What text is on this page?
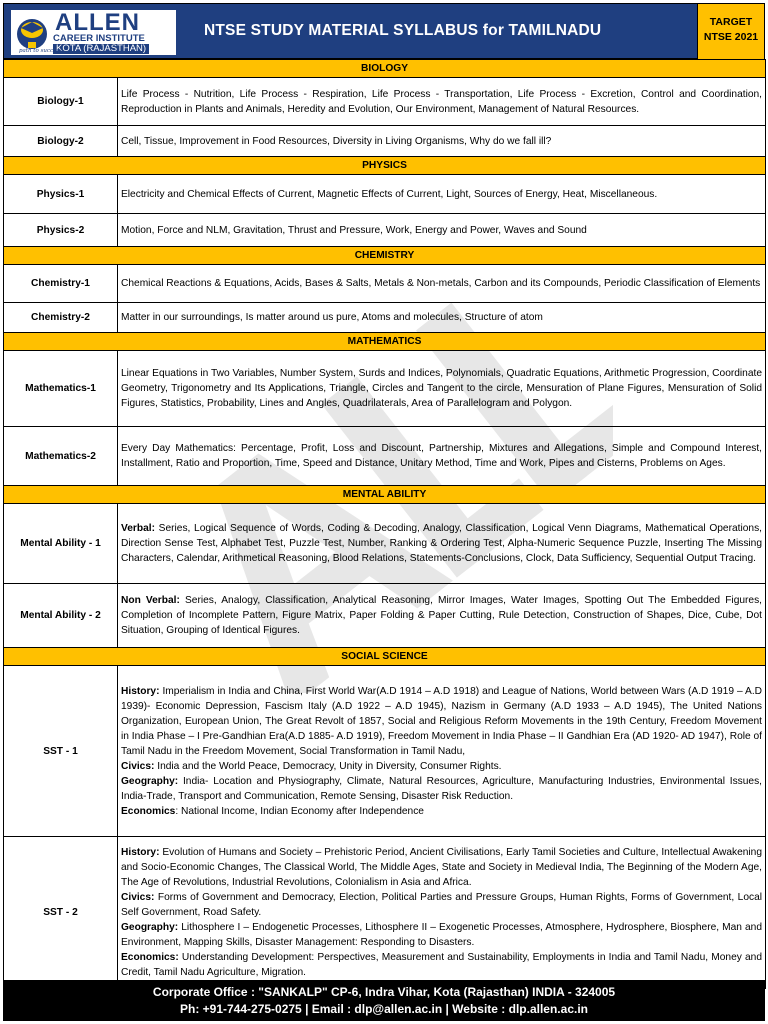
ALLEN
CAREER INSTITUTE
KOTA (RAJASTHAN)
path to success
NTSE STUDY MATERIAL SYLLABUS for TAMILNADU	TARGET
NTSE 2021
BIOLOGY	
Biology-1	Life Process - Nutrition, Life Process - Respiration, Life Process - Transportation, Life Process - Excretion, Control and Coordination, Reproduction in Plants and Animals, Heredity and Evolution, Our Environment, Management of Natural Resources.

Biology-2	Cell, Tissue, Improvement in Food Resources, Diversity in Living Organisms, Why do we fall ill?

PHYSICS	
Physics-1	Electricity and Chemical Effects of Current, Magnetic Effects of Current, Light, Sources of Energy, Heat, Miscellaneous.

Physics-2	Motion, Force and NLM, Gravitation, Thrust and Pressure, Work, Energy and Power, Waves and Sound

CHEMISTRY	
Chemistry-1	Chemical Reactions & Equations, Acids, Bases & Salts, Metals & Non-metals, Carbon and its Compounds, Periodic Classification of Elements

Chemistry-2	Matter in our surroundings, Is matter around us pure, Atoms and molecules, Structure of atom

MATHEMATICS	
Mathematics-1	Linear Equations in Two Variables, Number System, Surds and Indices, Polynomials, Quadratic Equations, Arithmetic Progression, Coordinate Geometry, Trigonometry and Its Applications, Triangle, Circles and Tangent to the circle, Mensuration of Plane Figures, Mensuration of Solid Figures, Statistics, Probability, Lines and Angles, Quadrilaterals, Area of Parallelogram and Polygon.

Mathematics-2	Every Day Mathematics: Percentage, Profit, Loss and Discount, Partnership, Mixtures and Allegations, Simple and Compound Interest, Installment, Ratio and Proportion, Time, Speed and Distance, Unitary Method, Time and Work, Pipes and Cisterns, Problems on Ages.

MENTAL ABILITY	
Mental Ability - 1	Verbal: Series, Logical Sequence of Words, Coding & Decoding, Analogy, Classification, Logical Venn Diagrams, Mathematical Operations, Direction Sense Test, Alphabet Test, Puzzle Test, Number, Ranking & Ordering Test, Alpha-Numeric Sequence Puzzle, Inserting The Missing Characters, Calendar, Arithmetical Reasoning, Blood Relations, Statements-Conclusions, Clock, Data Sufficiency, Sequential Output Tracing.

Mental Ability - 2	Non Verbal: Series, Analogy, Classification, Analytical Reasoning, Mirror Images, Water Images, Spotting Out The Embedded Figures, Completion of Incomplete Pattern, Figure Matrix, Paper Folding & Paper Cutting, Rule Detection, Construction of Shapes, Dice, Cube, Dot Situation, Grouping of Identical Figures.

SOCIAL SCIENCE	
SST - 1	History: Imperialism in India and China, First World War(A.D 1914 – A.D 1918) and League of Nations, World between Wars (A.D 1919 – A.D 1939)- Economic Depression, Fascism Italy (A.D 1922 – A.D 1945), Nazism in Germany (A.D 1933 – A.D 1945), The United Nations Organization, European Union, The Great Revolt of 1857, Social and Religious Reform Movements in the 19th Century, Freedom Movement in India Phase – I Pre-Gandhian Era(A.D 1885- A.D 1919), Freedom Movement in India Phase – II Gandhian Era (AD 1920- AD 1947), Role of Tamil Nadu in the Freedom Movement, Social Transformation in Tamil Nadu,
Civics: India and the World Peace, Democracy, Unity in Diversity, Consumer Rights.
Geography: India- Location and Physiography, Climate, Natural Resources, Agriculture, Manufacturing Industries, Environmental Issues, India-Trade, Transport and Communication, Remote Sensing, Disaster Risk Reduction.
Economics: National Income, Indian Economy after Independence

SST - 2	History: Evolution of Humans and Society – Prehistoric Period, Ancient Civilisations, Early Tamil Societies and Culture, Intellectual Awakening and Socio-Economic Changes, The Classical World, The Middle Ages, State and Society in Medieval India, The Beginning of the Modern Age, The Age of Revolutions, Industrial Revolutions, Colonialism in Asia and Africa.
Civics: Forms of Government and Democracy, Election, Political Parties and Pressure Groups, Human Rights, Forms of Government, Local Self Government, Road Safety.
Geography: Lithosphere I – Endogenetic Processes, Lithosphere II – Exogenetic Processes, Atmosphere, Hydrosphere, Biosphere, Man and Environment, Mapping Skills, Disaster Management: Responding to Disasters.
Economics: Understanding Development: Perspectives, Measurement and Sustainability, Employments in India and Tamil Nadu, Money and Credit, Tamil Nadu Agriculture, Migration.
Corporate Office : "SANKALP" CP-6, Indra Vihar, Kota (Rajasthan) INDIA - 324005
Ph: +91-744-275-0275 | Email : dlp@allen.ac.in | Website : dlp.allen.ac.in
